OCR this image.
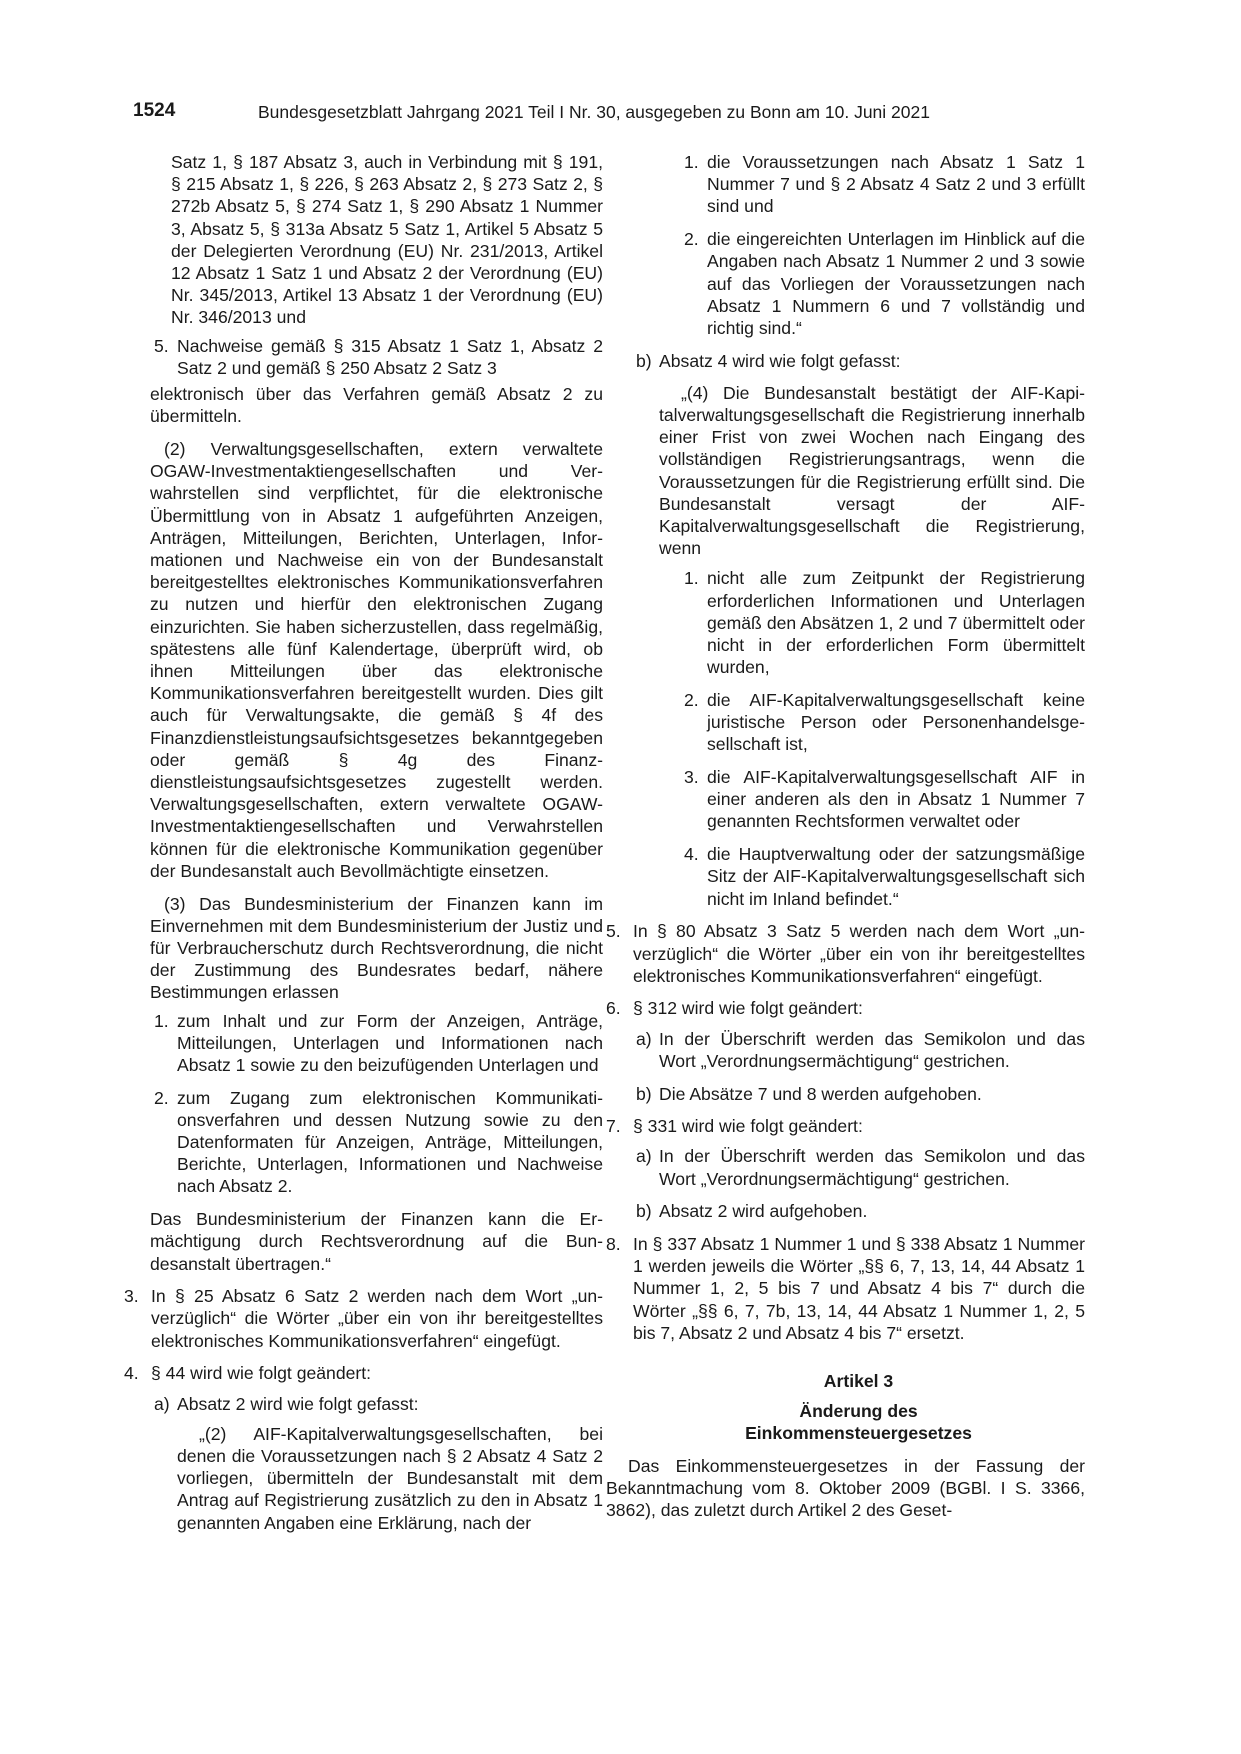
1524	Bundesgesetzblatt Jahrgang 2021 Teil I Nr. 30, ausgegeben zu Bonn am 10. Juni 2021

Satz 1, § 187 Absatz 3, auch in Verbindung mit § 191, § 215 Absatz 1, § 226, § 263 Absatz 2, § 273 Satz 2, § 272b Absatz 5, § 274 Satz 1, § 290 Absatz 1 Nummer 3, Absatz 5, § 313a Absatz 5 Satz 1, Artikel 5 Absatz 5 der Delegierten Verordnung (EU) Nr. 231/2013, Artikel 12 Absatz 1 Satz 1 und Absatz 2 der Verordnung (EU) Nr. 345/2013, Artikel 13 Absatz 1 der Verordnung (EU) Nr. 346/2013 und

5. Nachweise gemäß § 315 Absatz 1 Satz 1, Absatz 2 Satz 2 und gemäß § 250 Absatz 2 Satz 3

elektronisch über das Verfahren gemäß Absatz 2 zu übermitteln.

(2) Verwaltungsgesellschaften, extern verwaltete OGAW-Investmentaktiengesellschaften und Verwahrstellen sind verpflichtet, für die elektronische Übermittlung von in Absatz 1 aufgeführten Anzeigen, Anträgen, Mitteilungen, Berichten, Unterlagen, Informationen und Nachweise ein von der Bundesanstalt bereitgestelltes elektronisches Kommunikationsverfahren zu nutzen und hierfür den elektronischen Zugang einzurichten. Sie haben sicherzustellen, dass regelmäßig, spätestens alle fünf Kalendertage, überprüft wird, ob ihnen Mitteilungen über das elektronische Kommunikationsverfahren bereitgestellt wurden. Dies gilt auch für Verwaltungsakte, die gemäß § 4f des Finanzdienstleistungsaufsichtsgesetzes bekanntgegeben oder gemäß § 4g des Finanzdienstleistungsaufsichtsgesetzes zugestellt werden. Verwaltungsgesellschaften, extern verwaltete OGAW-Investmentaktiengesellschaften und Verwahrstellen können für die elektronische Kommunikation gegenüber der Bundesanstalt auch Bevollmächtigte einsetzen.

(3) Das Bundesministerium der Finanzen kann im Einvernehmen mit dem Bundesministerium der Justiz und für Verbraucherschutz durch Rechtsverordnung, die nicht der Zustimmung des Bundesrates bedarf, nähere Bestimmungen erlassen

1. zum Inhalt und zur Form der Anzeigen, Anträge, Mitteilungen, Unterlagen und Informationen nach Absatz 1 sowie zu den beizufügenden Unterlagen und

2. zum Zugang zum elektronischen Kommunikationsverfahren und dessen Nutzung sowie zu den Datenformaten für Anzeigen, Anträge, Mitteilungen, Berichte, Unterlagen, Informationen und Nachweise nach Absatz 2.

Das Bundesministerium der Finanzen kann die Ermächtigung durch Rechtsverordnung auf die Bundesanstalt übertragen.“

3. In § 25 Absatz 6 Satz 2 werden nach dem Wort „unverzüglich“ die Wörter „über ein von ihr bereitgestelltes elektronisches Kommunikationsverfahren“ eingefügt.

4. § 44 wird wie folgt geändert:

a) Absatz 2 wird wie folgt gefasst:

„(2) AIF-Kapitalverwaltungsgesellschaften, bei denen die Voraussetzungen nach § 2 Absatz 4 Satz 2 vorliegen, übermitteln der Bundesanstalt mit dem Antrag auf Registrierung zusätzlich zu den in Absatz 1 genannten Angaben eine Erklärung, nach der

1. die Voraussetzungen nach Absatz 1 Satz 1 Nummer 7 und § 2 Absatz 4 Satz 2 und 3 erfüllt sind und

2. die eingereichten Unterlagen im Hinblick auf die Angaben nach Absatz 1 Nummer 2 und 3 sowie auf das Vorliegen der Voraussetzungen nach Absatz 1 Nummern 6 und 7 vollständig und richtig sind.“

b) Absatz 4 wird wie folgt gefasst:

„(4) Die Bundesanstalt bestätigt der AIF-Kapitalverwaltungsgesellschaft die Registrierung innerhalb einer Frist von zwei Wochen nach Eingang des vollständigen Registrierungsantrags, wenn die Voraussetzungen für die Registrierung erfüllt sind. Die Bundesanstalt versagt der AIF-Kapitalverwaltungsgesellschaft die Registrierung, wenn

1. nicht alle zum Zeitpunkt der Registrierung erforderlichen Informationen und Unterlagen gemäß den Absätzen 1, 2 und 7 übermittelt oder nicht in der erforderlichen Form übermittelt wurden,

2. die AIF-Kapitalverwaltungsgesellschaft keine juristische Person oder Personenhandelsgesellschaft ist,

3. die AIF-Kapitalverwaltungsgesellschaft AIF in einer anderen als den in Absatz 1 Nummer 7 genannten Rechtsformen verwaltet oder

4. die Hauptverwaltung oder der satzungsmäßige Sitz der AIF-Kapitalverwaltungsgesellschaft sich nicht im Inland befindet.“

5. In § 80 Absatz 3 Satz 5 werden nach dem Wort „unverzüglich“ die Wörter „über ein von ihr bereitgestelltes elektronisches Kommunikationsverfahren“ eingefügt.

6. § 312 wird wie folgt geändert:

a) In der Überschrift werden das Semikolon und das Wort „Verordnungsermächtigung“ gestrichen.

b) Die Absätze 7 und 8 werden aufgehoben.

7. § 331 wird wie folgt geändert:

a) In der Überschrift werden das Semikolon und das Wort „Verordnungsermächtigung“ gestrichen.

b) Absatz 2 wird aufgehoben.

8. In § 337 Absatz 1 Nummer 1 und § 338 Absatz 1 Nummer 1 werden jeweils die Wörter „§§ 6, 7, 13, 14, 44 Absatz 1 Nummer 1, 2, 5 bis 7 und Absatz 4 bis 7“ durch die Wörter „§§ 6, 7, 7b, 13, 14, 44 Absatz 1 Nummer 1, 2, 5 bis 7, Absatz 2 und Absatz 4 bis 7“ ersetzt.

Artikel 3

Änderung des

Einkommensteuergesetzes

Das Einkommensteuergesetzes in der Fassung der Bekanntmachung vom 8. Oktober 2009 (BGBl. I S. 3366, 3862), das zuletzt durch Artikel 2 des Geset-
